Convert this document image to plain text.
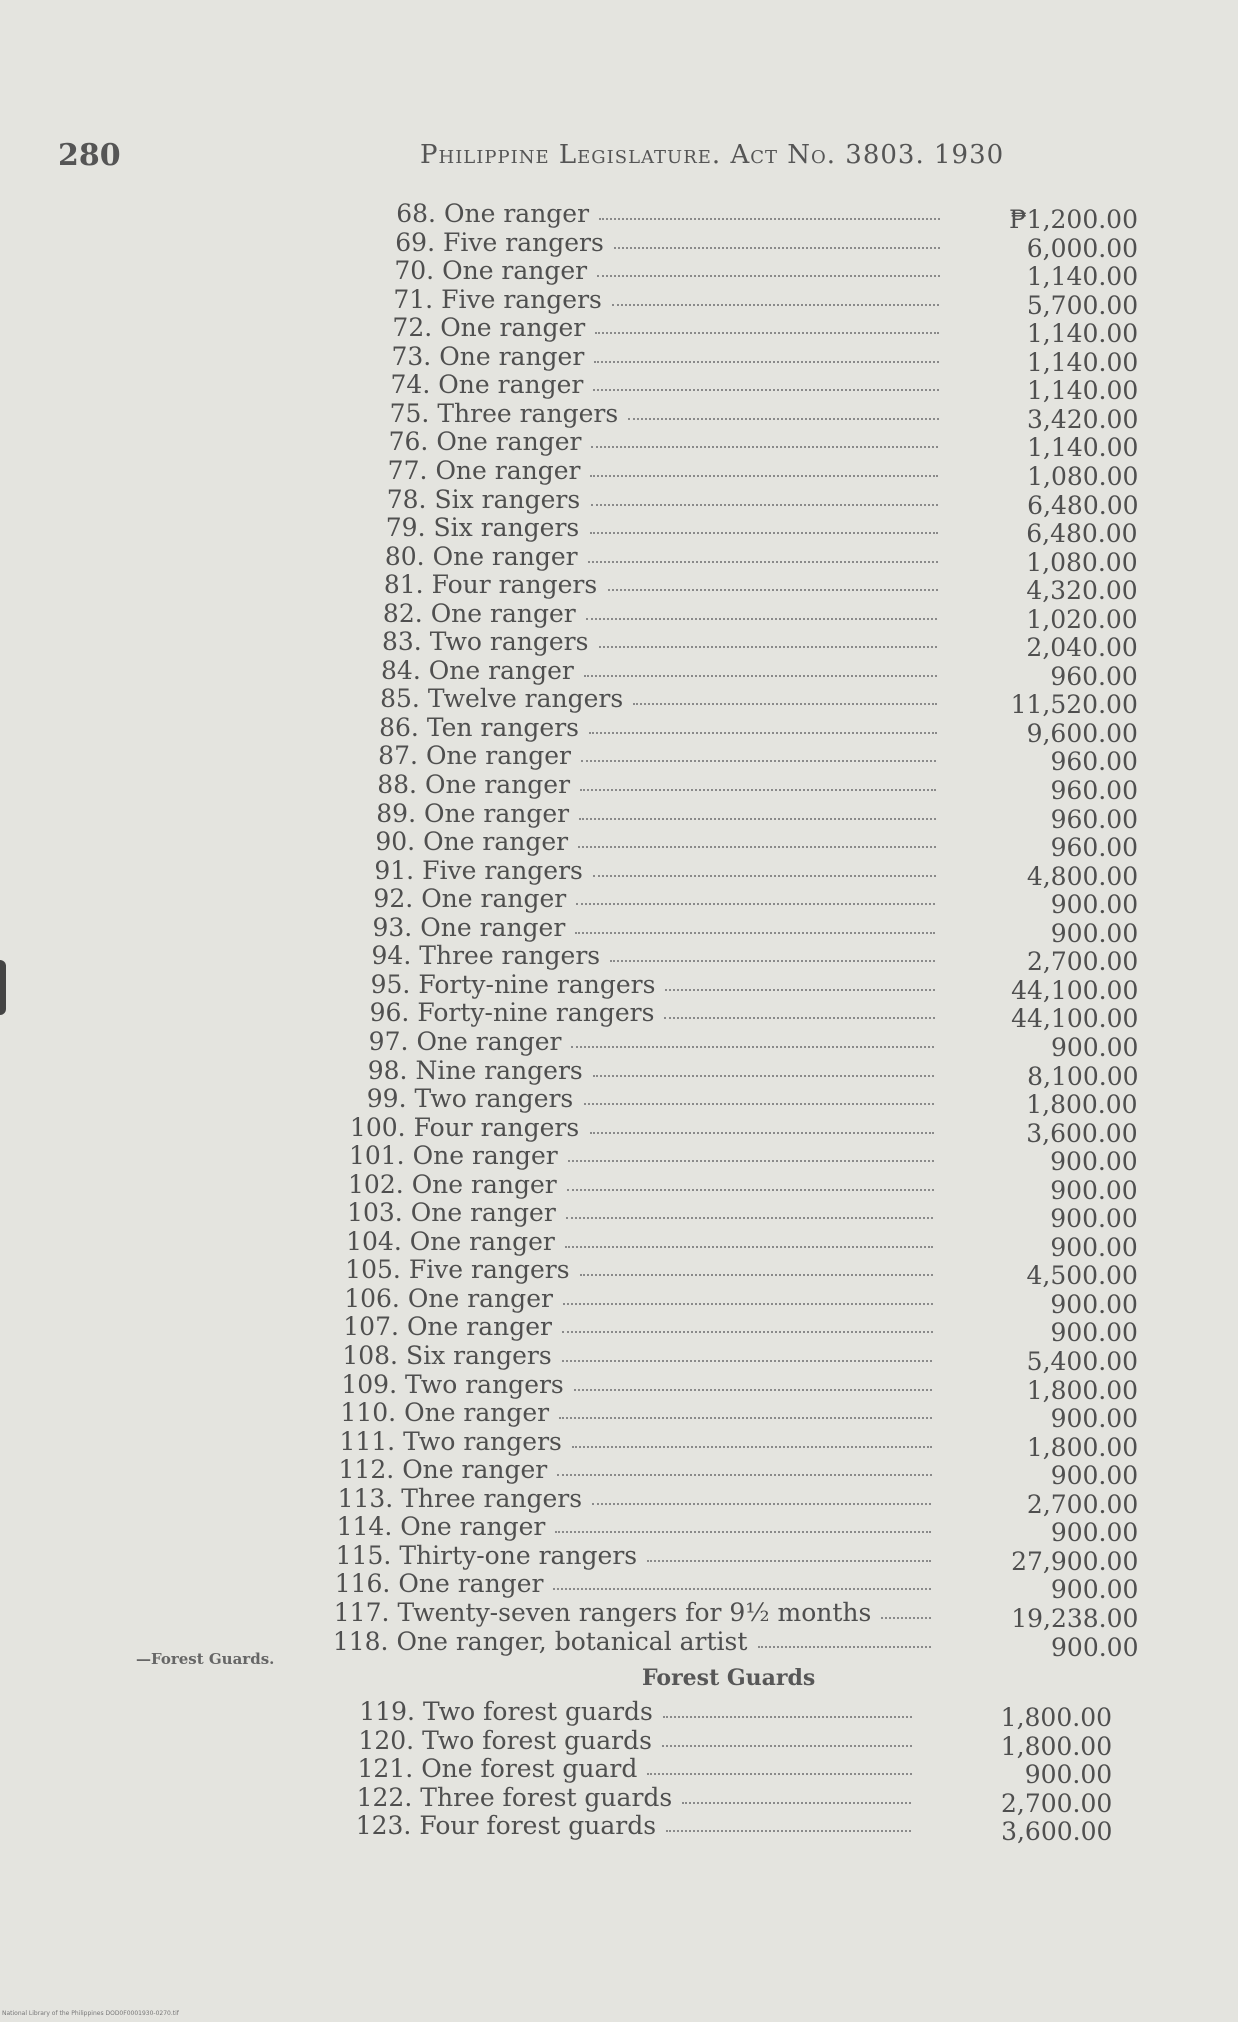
280	Philippine Legislature. Act No. 3803. 1930
68. One ranger	₱1,200.00
69. Five rangers	6,000.00
70. One ranger	1,140.00
71. Five rangers	5,700.00
72. One ranger	1,140.00
73. One ranger	1,140.00
74. One ranger	1,140.00
75. Three rangers	3,420.00
76. One ranger	1,140.00
77. One ranger	1,080.00
78. Six rangers	6,480.00
79. Six rangers	6,480.00
80. One ranger	1,080.00
81. Four rangers	4,320.00
82. One ranger	1,020.00
83. Two rangers	2,040.00
84. One ranger	960.00
85. Twelve rangers	11,520.00
86. Ten rangers	9,600.00
87. One ranger	960.00
88. One ranger	960.00
89. One ranger	960.00
90. One ranger	960.00
91. Five rangers	4,800.00
92. One ranger	900.00
93. One ranger	900.00
94. Three rangers	2,700.00
95. Forty-nine rangers	44,100.00
96. Forty-nine rangers	44,100.00
97. One ranger	900.00
98. Nine rangers	8,100.00
99. Two rangers	1,800.00
100. Four rangers	3,600.00
101. One ranger	900.00
102. One ranger	900.00
103. One ranger	900.00
104. One ranger	900.00
105. Five rangers	4,500.00
106. One ranger	900.00
107. One ranger	900.00
108. Six rangers	5,400.00
109. Two rangers	1,800.00
110. One ranger	900.00
111. Two rangers	1,800.00
112. One ranger	900.00
113. Three rangers	2,700.00
114. One ranger	900.00
115. Thirty-one rangers	27,900.00
116. One ranger	900.00
117. Twenty-seven rangers for 9½ months	19,238.00
118. One ranger, botanical artist	900.00
—Forest Guards.
Forest Guards
119. Two forest guards	1,800.00
120. Two forest guards	1,800.00
121. One forest guard	900.00
122. Three forest guards	2,700.00
123. Four forest guards	3,600.00
National Library of the Philippines DOD0F0001930-0270.tif
